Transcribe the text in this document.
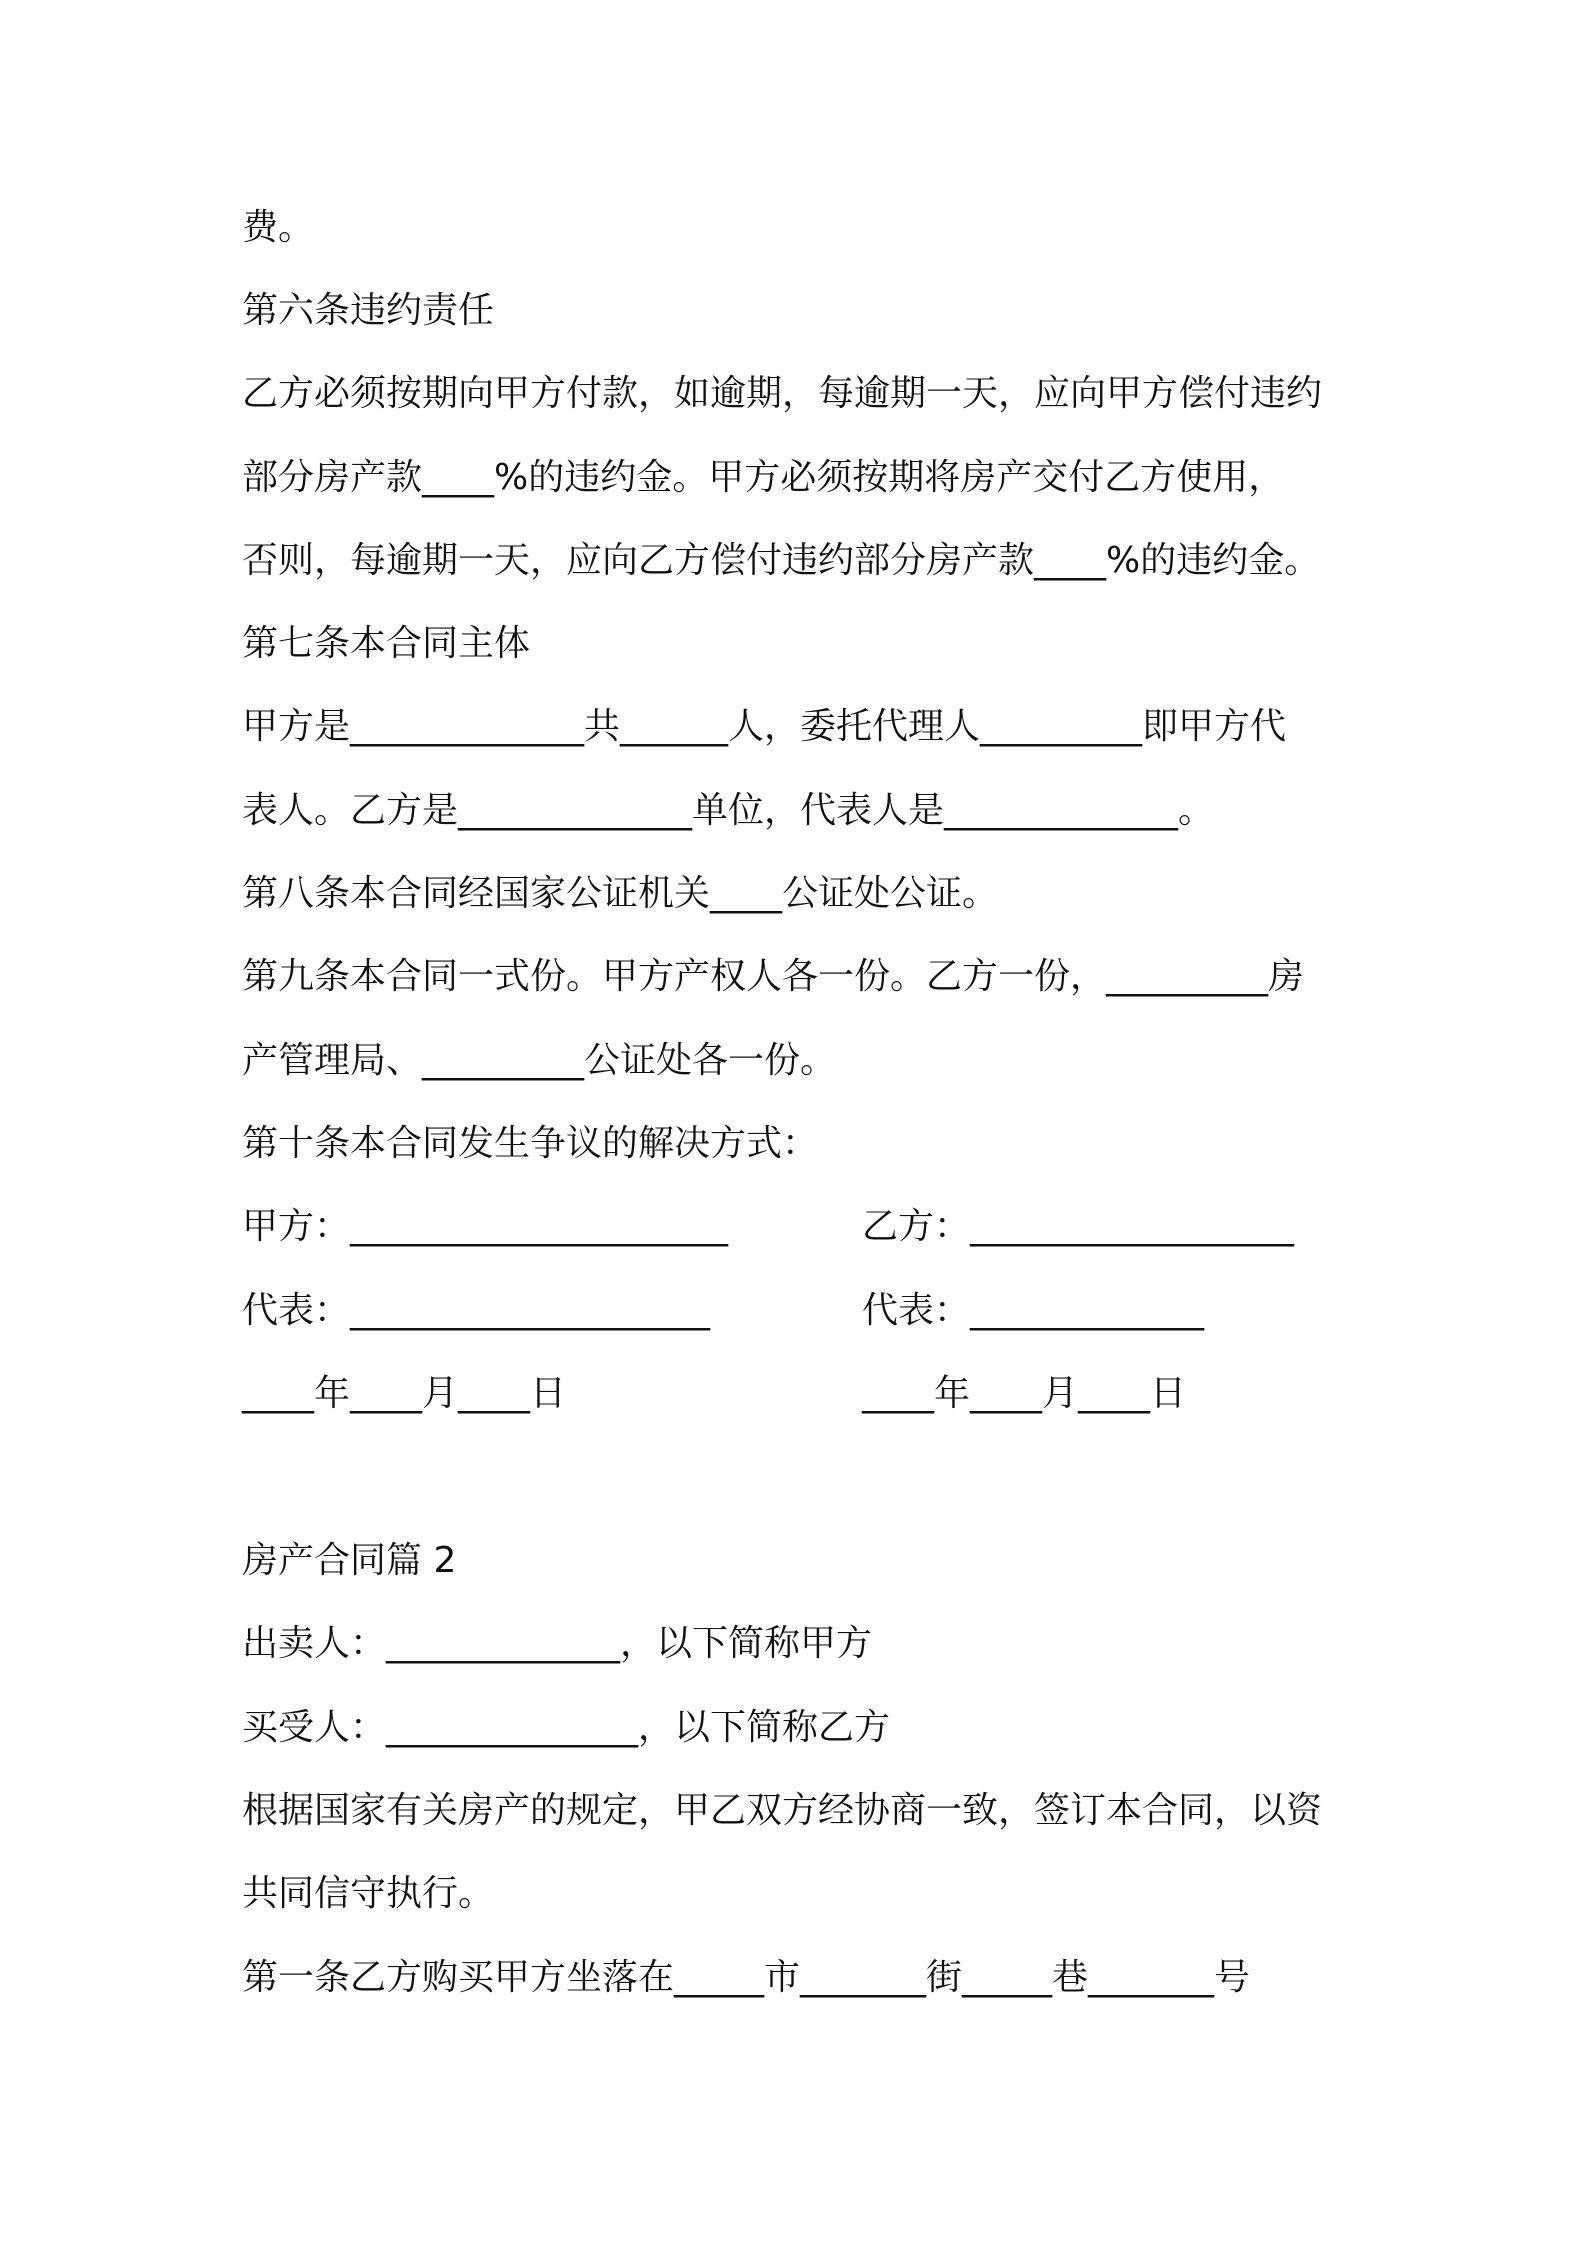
费。
第六条违约责任
乙方必须按期向甲方付款，如逾期，每逾期一天，应向甲方偿付违约
部分房产款____%的违约金。甲方必须按期将房产交付乙方使用，
否则，每逾期一天，应向乙方偿付违约部分房产款____%的违约金。
第七条本合同主体
甲方是_____________共______人，委托代理人_________即甲方代
表人。乙方是_____________单位，代表人是_____________。
第八条本合同经国家公证机关____公证处公证。
第九条本合同一式份。甲方产权人各一份。乙方一份，_________房
产管理局、_________公证处各一份。
第十条本合同发生争议的解决方式：
甲方：_____________________	乙方：__________________
代表：____________________	代表：_____________
____年____月____日	____年____月____日
房产合同篇 2
出卖人：_____________，以下简称甲方
买受人：______________，以下简称乙方
根据国家有关房产的规定，甲乙双方经协商一致，签订本合同，以资
共同信守执行。
第一条乙方购买甲方坐落在_____市_______街_____巷_______号
